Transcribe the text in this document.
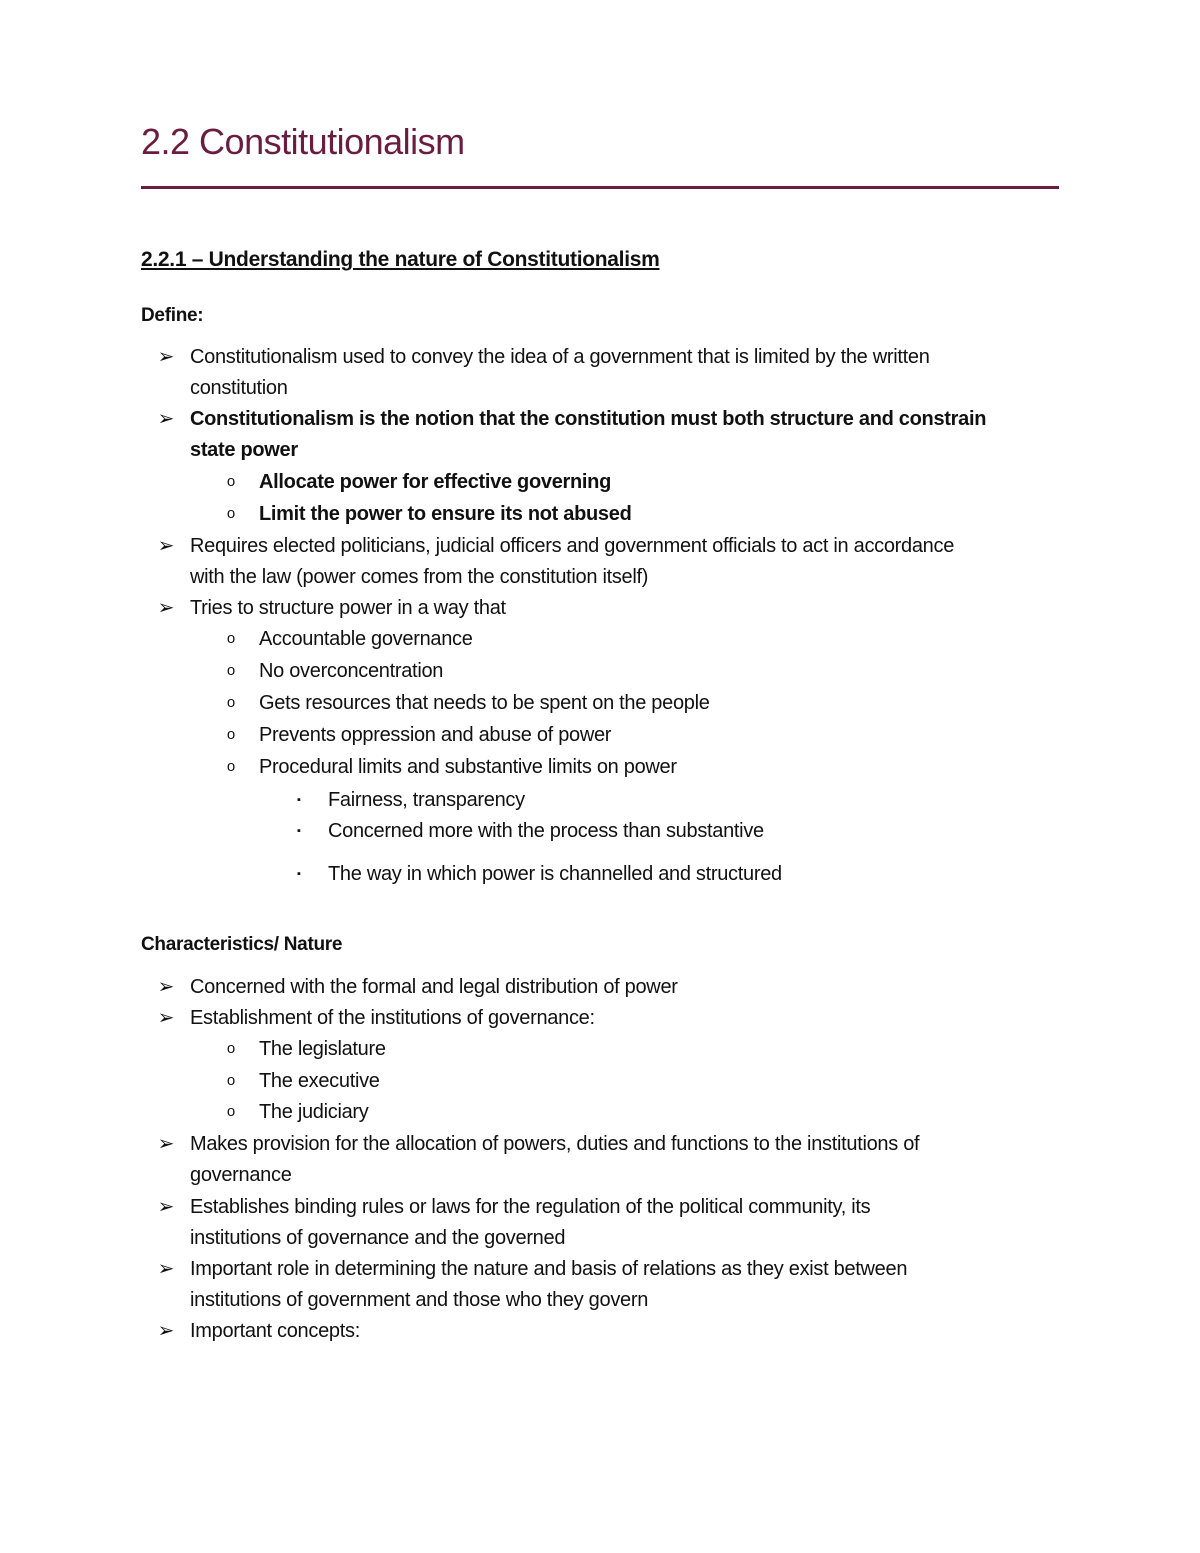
2.2 Constitutionalism
2.2.1 – Understanding the nature of Constitutionalism
Define:
➢ Constitutionalism used to convey the idea of a government that is limited by the written
constitution
➢ Constitutionalism is the notion that the constitution must both structure and constrain
state power
o	Allocate power for effective governing
o	Limit the power to ensure its not abused
➢ Requires elected politicians, judicial officers and government officials to act in accordance
with the law (power comes from the constitution itself)
➢ Tries to structure power in a way that
o	Accountable governance
o	No overconcentration
o	Gets resources that needs to be spent on the people
o	Prevents oppression and abuse of power
o	Procedural limits and substantive limits on power
▪	Fairness, transparency
▪	Concerned more with the process than substantive
▪	The way in which power is channelled and structured
Characteristics/ Nature
➢ Concerned with the formal and legal distribution of power
➢ Establishment of the institutions of governance:
o	The legislature
o	The executive
o	The judiciary
➢ Makes provision for the allocation of powers, duties and functions to the institutions of
governance
➢ Establishes binding rules or laws for the regulation of the political community, its
institutions of governance and the governed
➢ Important role in determining the nature and basis of relations as they exist between
institutions of government and those who they govern
➢ Important concepts:
